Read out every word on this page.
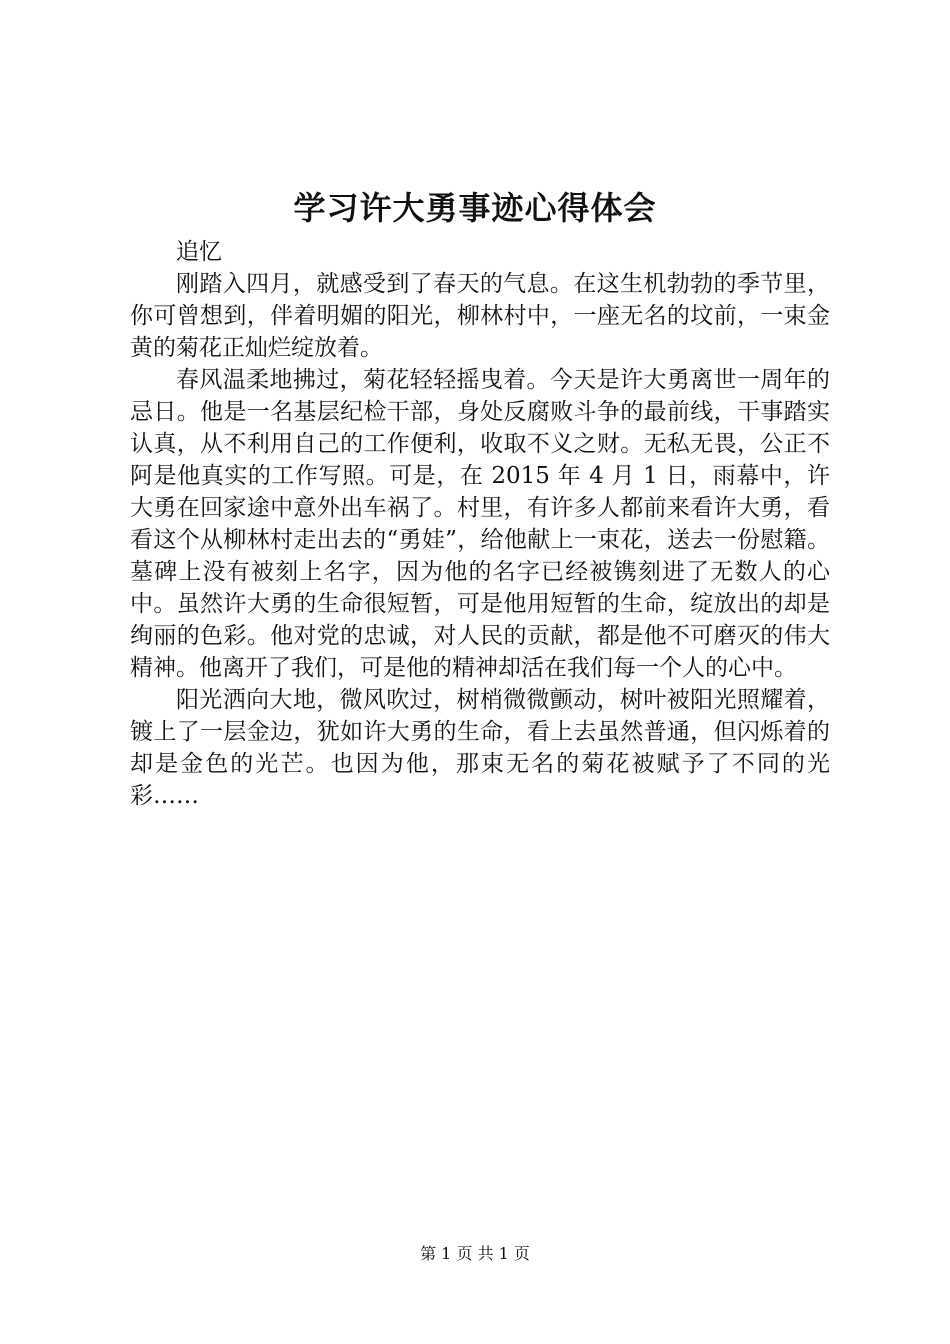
学习许大勇事迹心得体会

追忆

刚踏入四月，就感受到了春天的气息。在这生机勃勃的季节里，你可曾想到，伴着明媚的阳光，柳林村中，一座无名的坟前，一束金黄的菊花正灿烂绽放着。

春风温柔地拂过，菊花轻轻摇曳着。今天是许大勇离世一周年的忌日。他是一名基层纪检干部，身处反腐败斗争的最前线，干事踏实认真，从不利用自己的工作便利，收取不义之财。无私无畏，公正不阿是他真实的工作写照。可是，在 2015 年 4 月 1 日，雨幕中，许大勇在回家途中意外出车祸了。村里，有许多人都前来看许大勇，看看这个从柳林村走出去的“勇娃”，给他献上一束花，送去一份慰籍。墓碑上没有被刻上名字，因为他的名字已经被镌刻进了无数人的心中。虽然许大勇的生命很短暂，可是他用短暂的生命，绽放出的却是绚丽的色彩。他对党的忠诚，对人民的贡献，都是他不可磨灭的伟大精神。他离开了我们，可是他的精神却活在我们每一个人的心中。

阳光洒向大地，微风吹过，树梢微微颤动，树叶被阳光照耀着，镀上了一层金边，犹如许大勇的生命，看上去虽然普通，但闪烁着的却是金色的光芒。也因为他，那束无名的菊花被赋予了不同的光彩……

第 1 页 共 1 页
